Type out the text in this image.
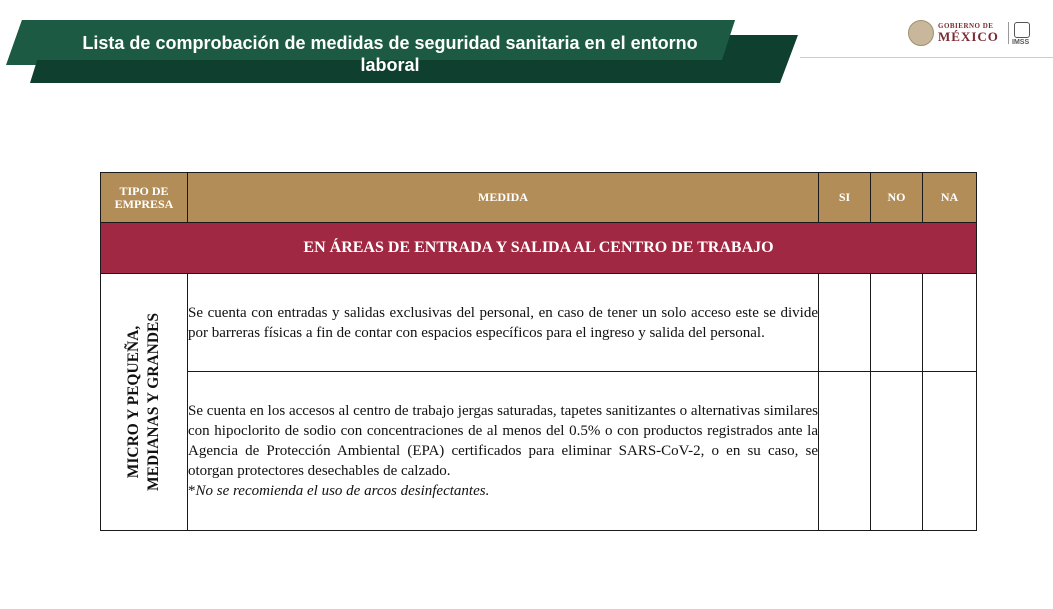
Lista de comprobación de medidas de seguridad sanitaria en el entorno
laboral
GOBIERNO DE
MÉXICO IMSS
TIPO DE EMPRESA	MEDIDA	SI	NO	NA
EN ÁREAS DE ENTRADA Y SALIDA AL CENTRO DE TRABAJO				

MICRO Y PEQUEÑA, MEDIANAS Y GRANDES	Se cuenta con entradas y salidas exclusivas del personal, en caso de tener un solo acceso este se divide por barreras físicas a fin de contar con espacios específicos para el ingreso y salida del personal.			
	Se cuenta en los accesos al centro de trabajo jergas saturadas, tapetes sanitizantes o alternativas similares con hipoclorito de sodio con concentraciones de al menos del 0.5% o con productos registrados ante la Agencia de Protección Ambiental (EPA) certificados para eliminar SARS-CoV-2, o en su caso, se otorgan protectores desechables de calzado.
*No se recomienda el uso de arcos desinfectantes.			
